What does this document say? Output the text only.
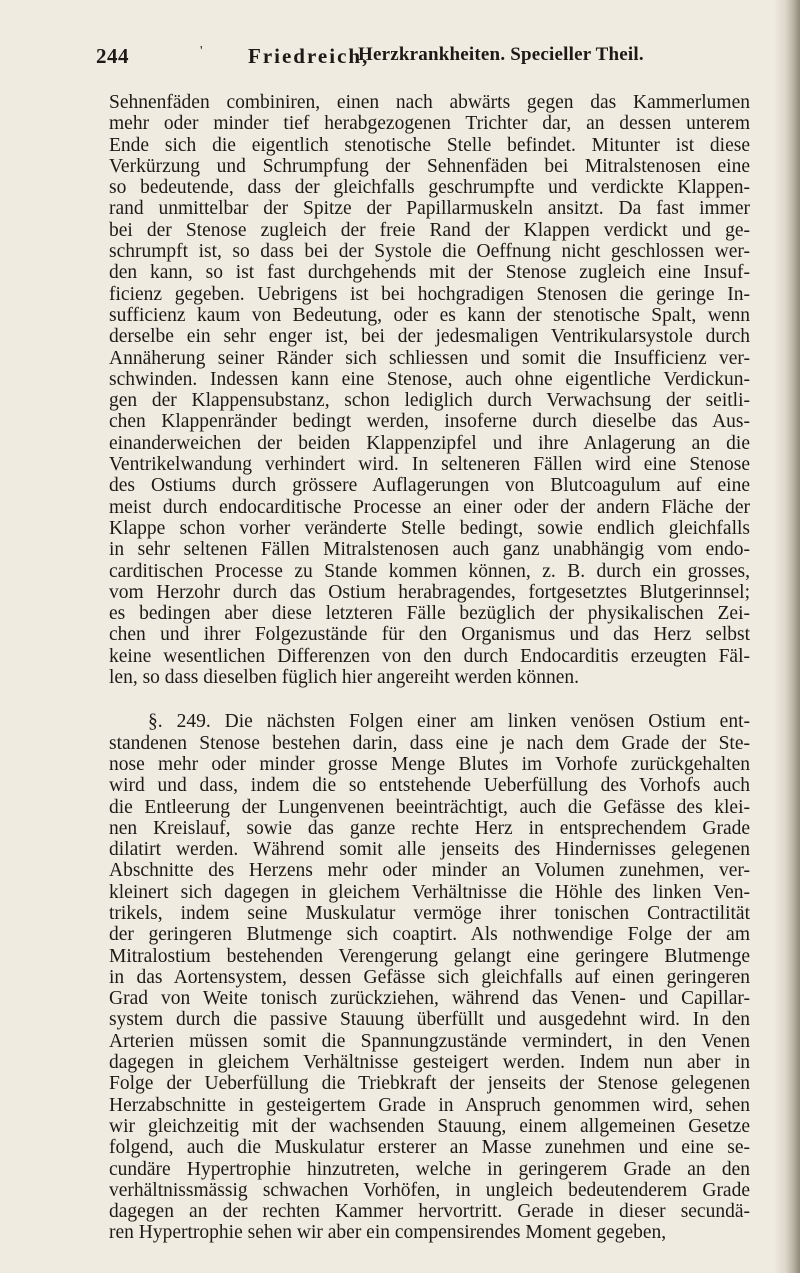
244	' Friedreich,
Herzkrankheiten. Specieller Theil.
Sehnenfäden combiniren, einen nach abwärts gegen das Kammerlumen
mehr oder minder tief herabgezogenen Trichter dar, an dessen unterem
Ende sich die eigentlich stenotische Stelle befindet. Mitunter ist diese
Verkürzung und Schrumpfung der Sehnenfäden bei Mitralstenosen eine
so bedeutende, dass der gleichfalls geschrumpfte und verdickte Klappen-
rand unmittelbar der Spitze der Papillarmuskeln ansitzt. Da fast immer
bei der Stenose zugleich der freie Rand der Klappen verdickt und ge-
schrumpft ist, so dass bei der Systole die Oeffnung nicht geschlossen wer-
den kann, so ist fast durchgehends mit der Stenose zugleich eine Insuf-
ficienz gegeben. Uebrigens ist bei hochgradigen Stenosen die geringe In-
sufficienz kaum von Bedeutung, oder es kann der stenotische Spalt, wenn
derselbe ein sehr enger ist, bei der jedesmaligen Ventrikularsystole durch
Annäherung seiner Ränder sich schliessen und somit die Insufficienz ver-
schwinden. Indessen kann eine Stenose, auch ohne eigentliche Verdickun-
gen der Klappensubstanz, schon lediglich durch Verwachsung der seitli-
chen Klappenränder bedingt werden, insoferne durch dieselbe das Aus-
einanderweichen der beiden Klappenzipfel und ihre Anlagerung an die
Ventrikelwandung verhindert wird. In selteneren Fällen wird eine Stenose
des Ostiums durch grössere Auflagerungen von Blutcoagulum auf eine
meist durch endocarditische Processe an einer oder der andern Fläche der
Klappe schon vorher veränderte Stelle bedingt, sowie endlich gleichfalls
in sehr seltenen Fällen Mitralstenosen auch ganz unabhängig vom endo-
carditischen Processe zu Stande kommen können, z. B. durch ein grosses,
vom Herzohr durch das Ostium herabragendes, fortgesetztes Blutgerinnsel;
es bedingen aber diese letzteren Fälle bezüglich der physikalischen Zei-
chen und ihrer Folgezustände für den Organismus und das Herz selbst
keine wesentlichen Differenzen von den durch Endocarditis erzeugten Fäl-
len, so dass dieselben füglich hier angereiht werden können.
§. 249. Die nächsten Folgen einer am linken venösen Ostium ent-
standenen Stenose bestehen darin, dass eine je nach dem Grade der Ste-
nose mehr oder minder grosse Menge Blutes im Vorhofe zurückgehalten
wird und dass, indem die so entstehende Ueberfüllung des Vorhofs auch
die Entleerung der Lungenvenen beeinträchtigt, auch die Gefässe des klei-
nen Kreislauf, sowie das ganze rechte Herz in entsprechendem Grade
dilatirt werden. Während somit alle jenseits des Hindernisses gelegenen
Abschnitte des Herzens mehr oder minder an Volumen zunehmen, ver-
kleinert sich dagegen in gleichem Verhältnisse die Höhle des linken Ven-
trikels, indem seine Muskulatur vermöge ihrer tonischen Contractilität
der geringeren Blutmenge sich coaptirt. Als nothwendige Folge der am
Mitralostium bestehenden Verengerung gelangt eine geringere Blutmenge
in das Aortensystem, dessen Gefässe sich gleichfalls auf einen geringeren
Grad von Weite tonisch zurückziehen, während das Venen- und Capillar-
system durch die passive Stauung überfüllt und ausgedehnt wird. In den
Arterien müssen somit die Spannungzustände vermindert, in den Venen
dagegen in gleichem Verhältnisse gesteigert werden. Indem nun aber in
Folge der Ueberfüllung die Triebkraft der jenseits der Stenose gelegenen
Herzabschnitte in gesteigertem Grade in Anspruch genommen wird, sehen
wir gleichzeitig mit der wachsenden Stauung, einem allgemeinen Gesetze
folgend, auch die Muskulatur ersterer an Masse zunehmen und eine se-
cundäre Hypertrophie hinzutreten, welche in geringerem Grade an den
verhältnissmässig schwachen Vorhöfen, in ungleich bedeutenderem Grade
dagegen an der rechten Kammer hervortritt. Gerade in dieser secundä-
ren Hypertrophie sehen wir aber ein compensirendes Moment gegeben,
